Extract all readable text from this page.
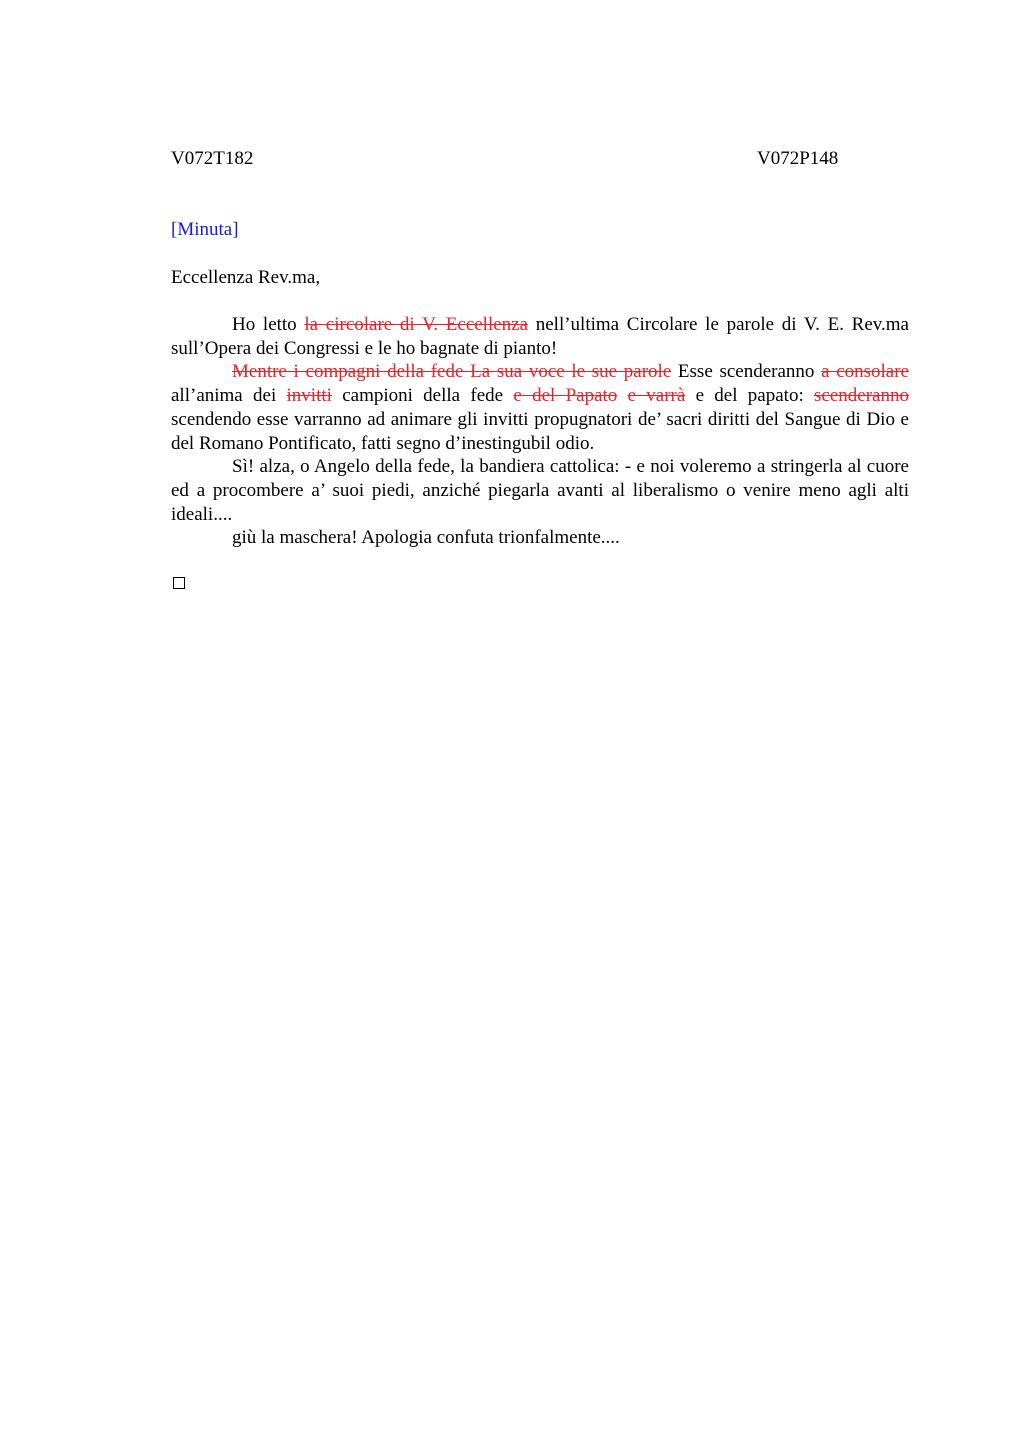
V072T182	V072P148
[Minuta]
Eccellenza Rev.ma,

Ho letto la circolare di V. Eccellenza nell’ultima Circolare le parole di V. E. Rev.ma sull’Opera dei Congressi e le ho bagnate di pianto!

Mentre i compagni della fede La sua voce le sue parole Esse scenderanno a consolare all’anima dei invitti campioni della fede e del Papato e varrà e del papato: scenderanno scendendo esse varranno ad animare gli invitti propugnatori de’ sacri diritti del Sangue di Dio e del Romano Pontificato, fatti segno d’inestingubil odio.

Sì! alza, o Angelo della fede, la bandiera cattolica: - e noi voleremo a stringerla al cuore ed a procombere a’ suoi piedi, anziché piegarla avanti al liberalismo o venire meno agli alti ideali....

giù la maschera! Apologia confuta trionfalmente....
